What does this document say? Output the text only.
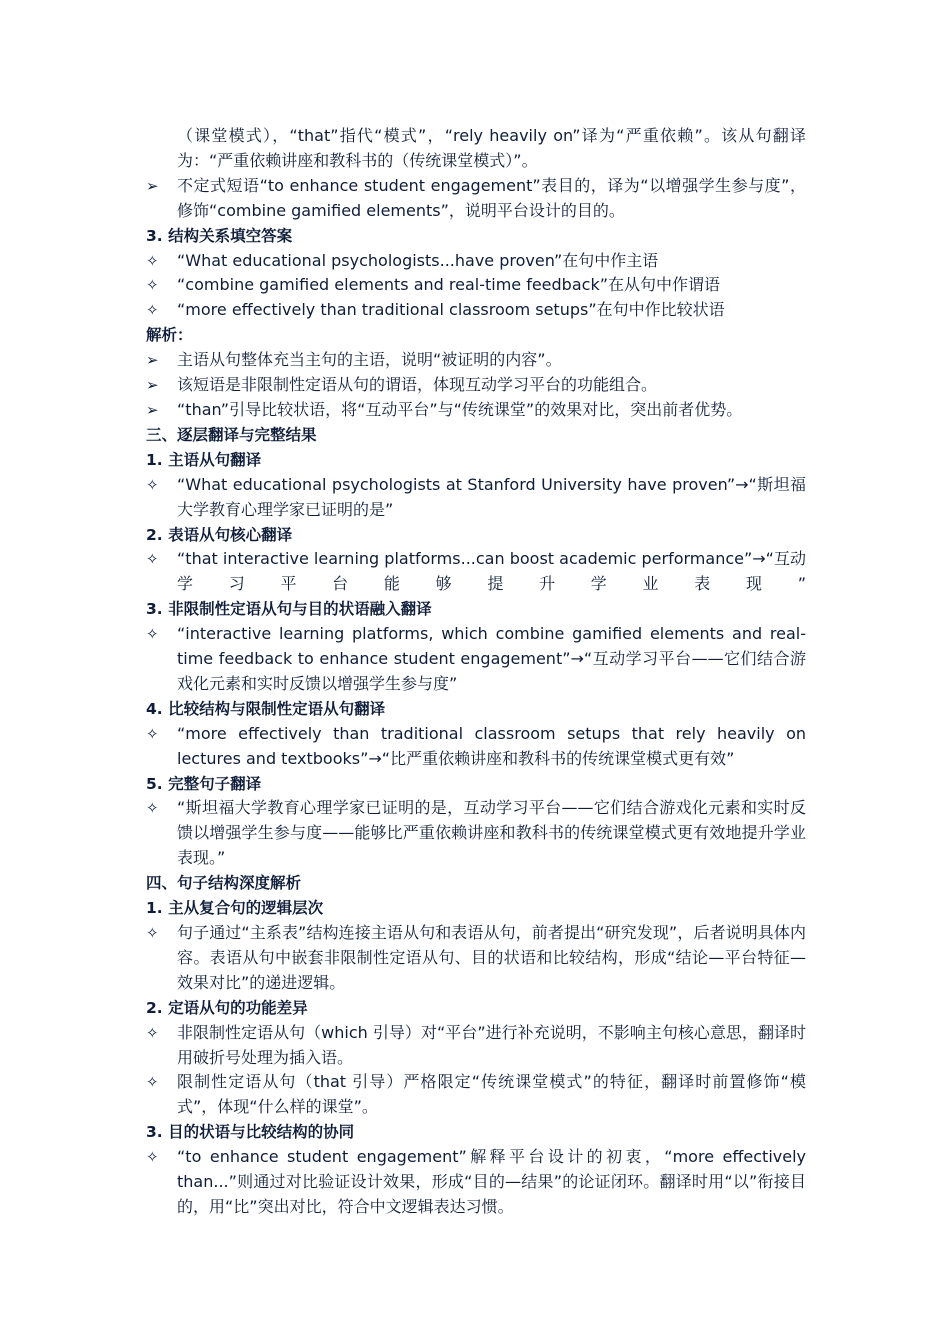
（课堂模式），“that”指代“模式”，“rely heavily on”译为“严重依赖”。该从句翻译为：“严重依赖讲座和教科书的（传统课堂模式）”。
➢	不定式短语“to enhance student engagement”表目的，译为“以增强学生参与度”，修饰“combine gamified elements”，说明平台设计的目的。
3. 结构关系填空答案
✧	“What educational psychologists...have proven”在句中作主语
✧	“combine gamified elements and real-time feedback”在从句中作谓语
✧	“more effectively than traditional classroom setups”在句中作比较状语
解析：
➢	主语从句整体充当主句的主语，说明“被证明的内容”。
➢	该短语是非限制性定语从句的谓语，体现互动学习平台的功能组合。
➢	“than”引导比较状语，将“互动平台”与“传统课堂”的效果对比，突出前者优势。
三、逐层翻译与完整结果
1. 主语从句翻译
✧	“What educational psychologists at Stanford University have proven”→“斯坦福大学教育心理学家已证明的是”
2. 表语从句核心翻译
✧	“that interactive learning platforms...can boost academic performance”→“互动学习平台能够提升学业表现”
3. 非限制性定语从句与目的状语融入翻译
✧	“interactive learning platforms, which combine gamified elements and real-time feedback to enhance student engagement”→“互动学习平台——它们结合游戏化元素和实时反馈以增强学生参与度”
4. 比较结构与限制性定语从句翻译
✧	“more effectively than traditional classroom setups that rely heavily on lectures and textbooks”→“比严重依赖讲座和教科书的传统课堂模式更有效”
5. 完整句子翻译
✧	“斯坦福大学教育心理学家已证明的是，互动学习平台——它们结合游戏化元素和实时反馈以增强学生参与度——能够比严重依赖讲座和教科书的传统课堂模式更有效地提升学业表现。”
四、句子结构深度解析
1. 主从复合句的逻辑层次
✧	句子通过“主系表”结构连接主语从句和表语从句，前者提出“研究发现”，后者说明具体内容。表语从句中嵌套非限制性定语从句、目的状语和比较结构，形成“结论—平台特征—效果对比”的递进逻辑。
2. 定语从句的功能差异
✧	非限制性定语从句（which 引导）对“平台”进行补充说明，不影响主句核心意思，翻译时用破折号处理为插入语。
✧	限制性定语从句（that 引导）严格限定“传统课堂模式”的特征，翻译时前置修饰“模式”，体现“什么样的课堂”。
3. 目的状语与比较结构的协同
✧	“to enhance student engagement”解释平台设计的初衷，“more effectively than...”则通过对比验证设计效果，形成“目的—结果”的论证闭环。翻译时用“以”衔接目的，用“比”突出对比，符合中文逻辑表达习惯。
